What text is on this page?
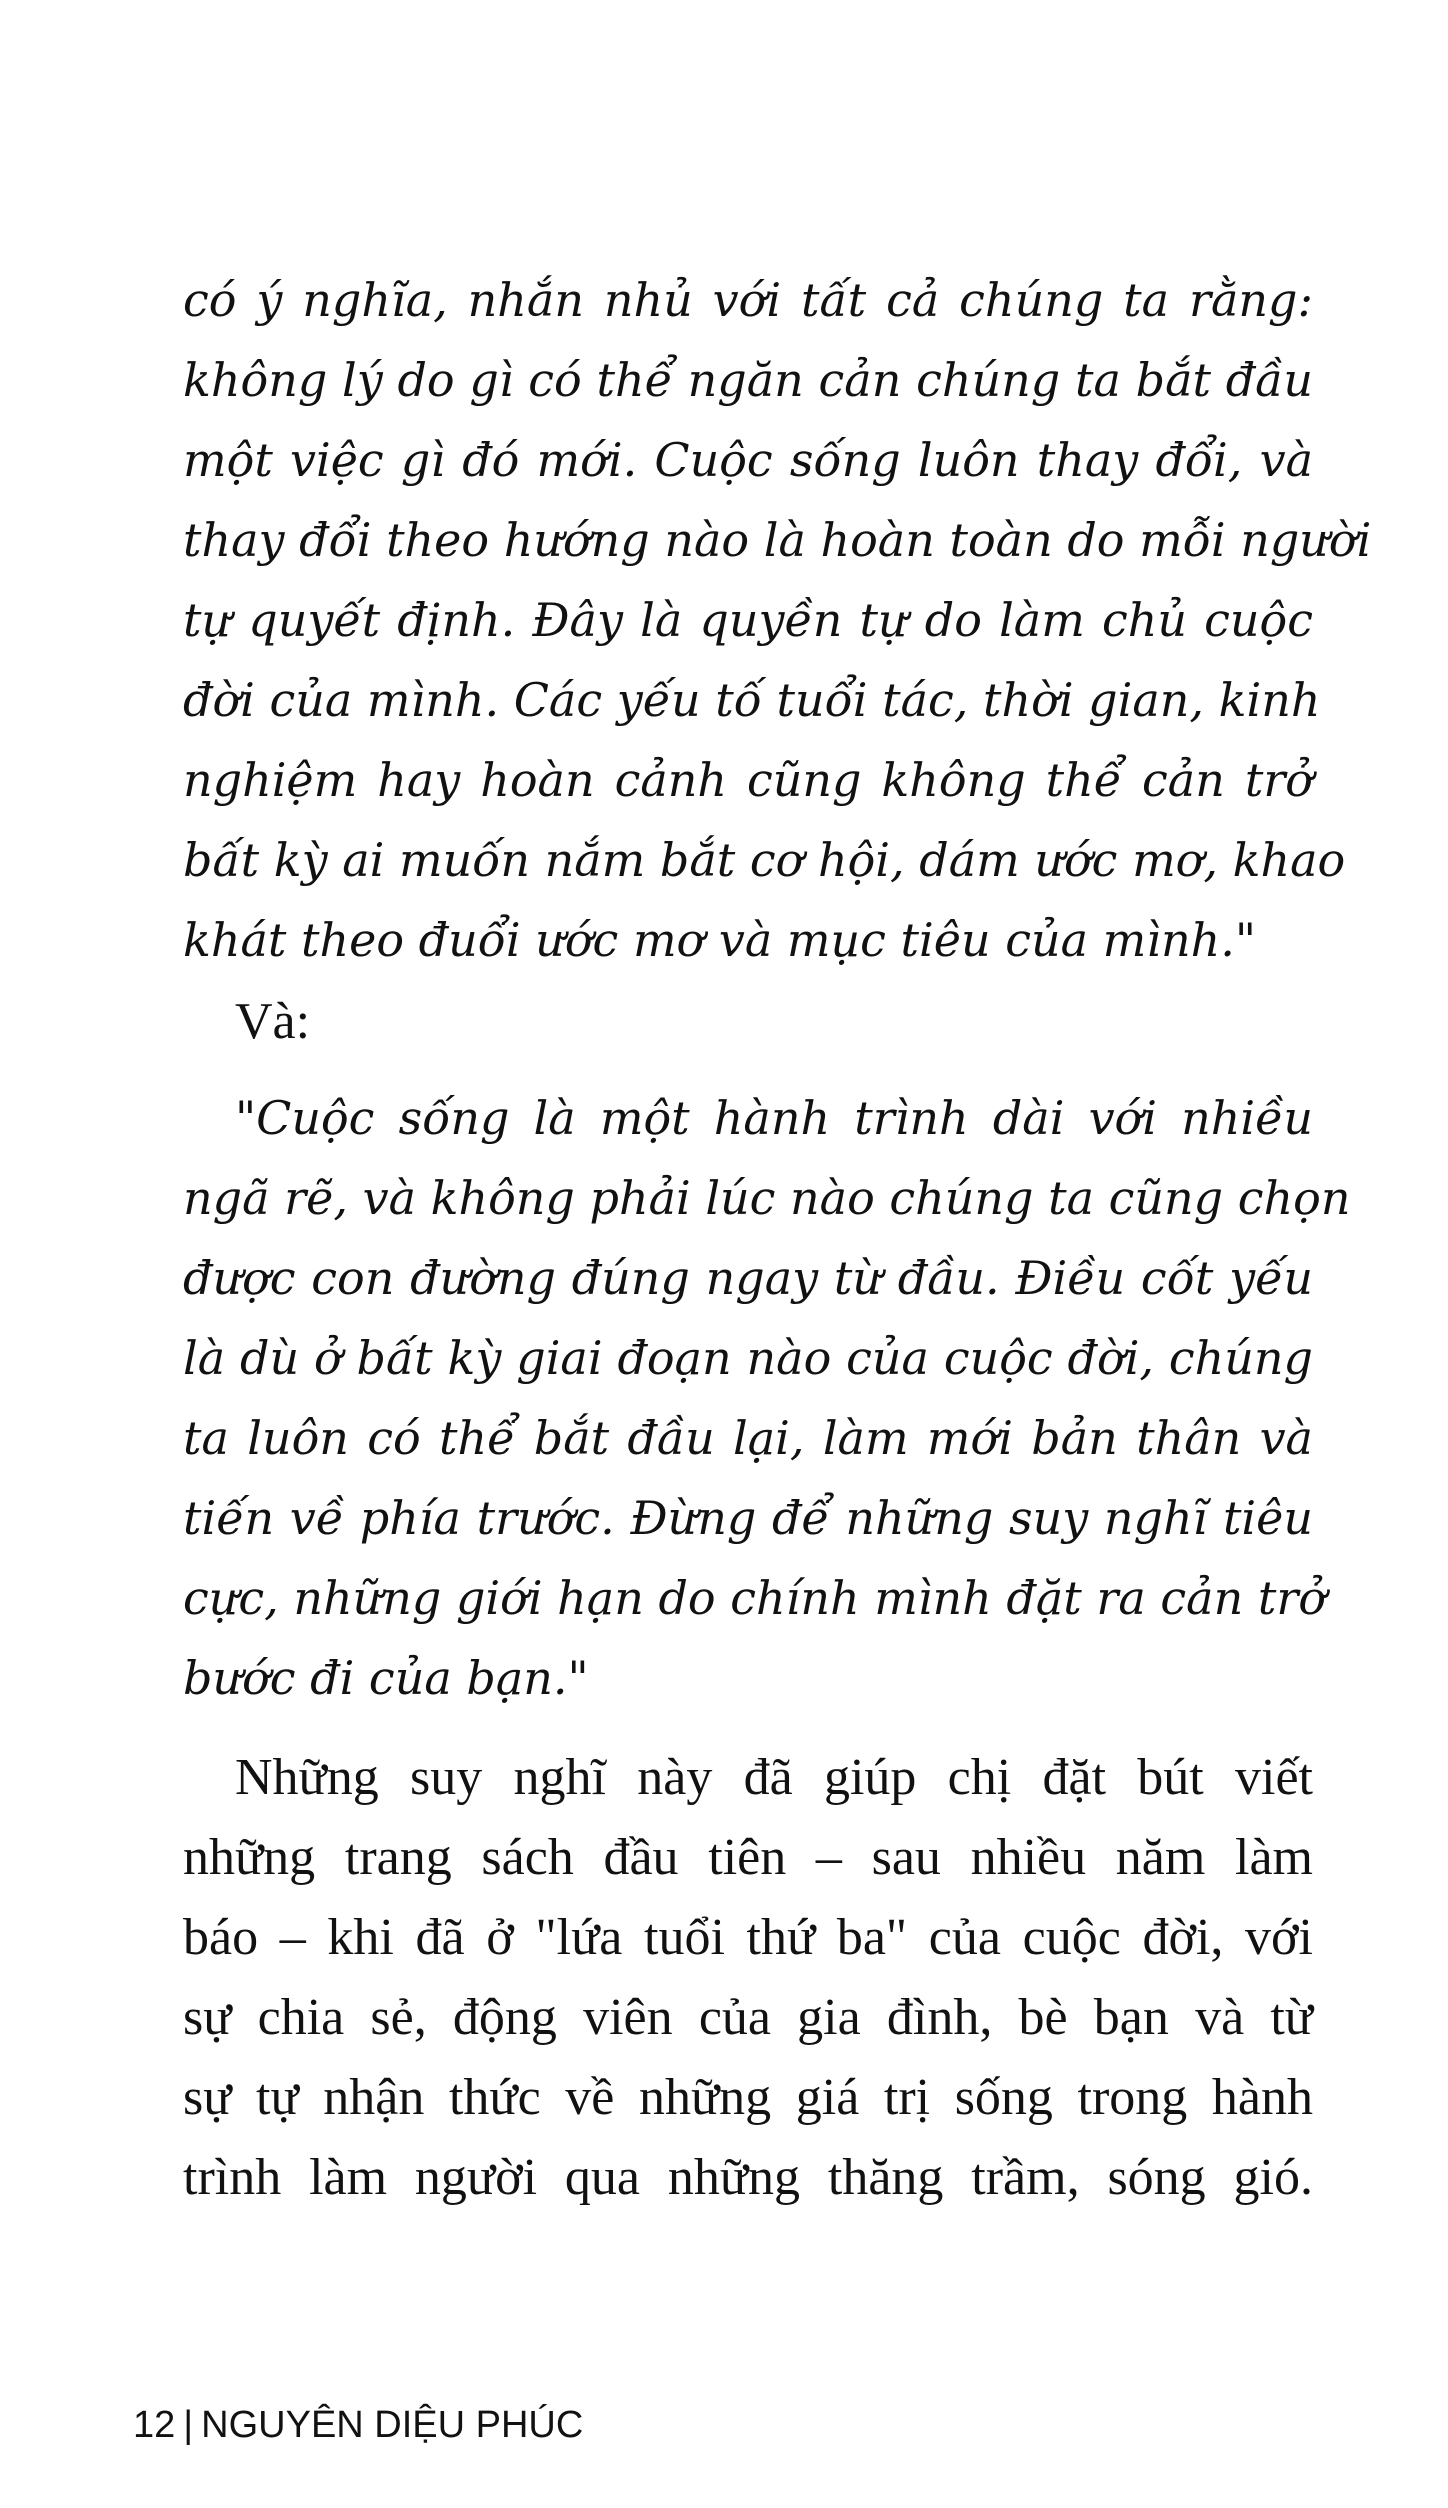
có ý nghĩa, nhắn nhủ với tất cả chúng ta rằng:

không lý do gì có thể ngăn cản chúng ta bắt đầu

một việc gì đó mới. Cuộc sống luôn thay đổi, và

thay đổi theo hướng nào là hoàn toàn do mỗi người

tự quyết định. Đây là quyền tự do làm chủ cuộc

đời của mình. Các yếu tố tuổi tác, thời gian, kinh

nghiệm hay hoàn cảnh cũng không thể cản trở

bất kỳ ai muốn nắm bắt cơ hội, dám ước mơ, khao

khát theo đuổi ước mơ và mục tiêu của mình."

Và:

"Cuộc sống là một hành trình dài với nhiều

ngã rẽ, và không phải lúc nào chúng ta cũng chọn

được con đường đúng ngay từ đầu. Điều cốt yếu

là dù ở bất kỳ giai đoạn nào của cuộc đời, chúng

ta luôn có thể bắt đầu lại, làm mới bản thân và

tiến về phía trước. Đừng để những suy nghĩ tiêu

cực, những giới hạn do chính mình đặt ra cản trở

bước đi của bạn."

Những suy nghĩ này đã giúp chị đặt bút viết

những trang sách đầu tiên – sau nhiều năm làm

báo – khi đã ở "lứa tuổi thứ ba" của cuộc đời, với

sự chia sẻ, động viên của gia đình, bè bạn và từ

sự tự nhận thức về những giá trị sống trong hành

trình làm người qua những thăng trầm, sóng gió.

12 | NGUYÊN DIỆU PHÚC
